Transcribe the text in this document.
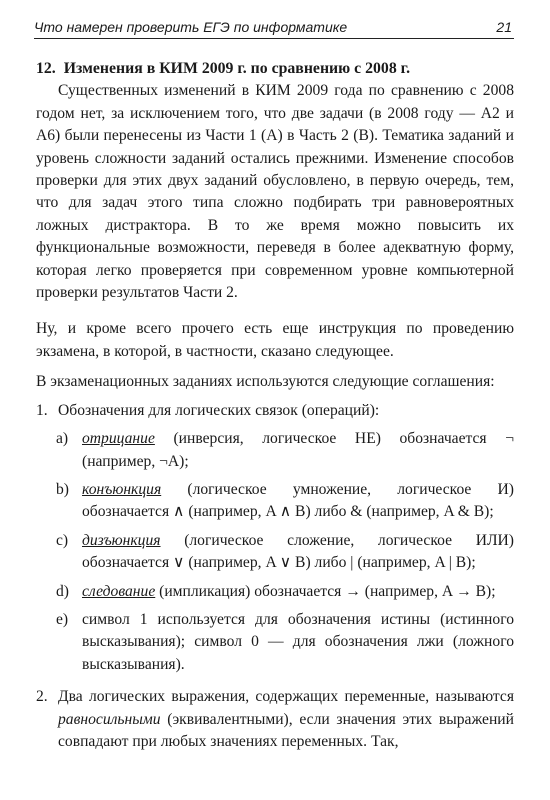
Что намерен проверить ЕГЭ по информатике	21

12. Изменения в КИМ 2009 г. по сравнению с 2008 г.

Существенных изменений в КИМ 2009 года по сравнению с 2008 годом нет, за исключением того, что две задачи (в 2008 году — А2 и А6) были перенесены из Части 1 (А) в Часть 2 (В). Тематика заданий и уровень сложности заданий остались прежними. Изменение способов проверки для этих двух заданий обусловлено, в первую очередь, тем, что для задач этого типа сложно подбирать три равновероятных ложных дистрактора. В то же время можно повысить их функциональные возможности, переведя в более адекватную форму, которая легко проверяется при современном уровне компьютерной проверки результатов Части 2.

Ну, и кроме всего прочего есть еще инструкция по проведению экзамена, в которой, в частности, сказано следующее.

В экзаменационных заданиях используются следующие соглашения:

1. Обозначения для логических связок (операций):
a) отрицание (инверсия, логическое НЕ) обозначается ¬ (например, ¬A);
b) конъюнкция (логическое умножение, логическое И) обозначается ∧ (например, A ∧ B) либо & (например, A & B);
c) дизъюнкция (логическое сложение, логическое ИЛИ) обозначается ∨ (например, A ∨ B) либо | (например, A | B);
d) следование (импликация) обозначается → (например, A → B);
e) символ 1 используется для обозначения истины (истинного высказывания); символ 0 — для обозначения лжи (ложного высказывания).
2. Два логических выражения, содержащих переменные, называются равносильными (эквивалентными), если значения этих выражений совпадают при любых значениях переменных. Так,
